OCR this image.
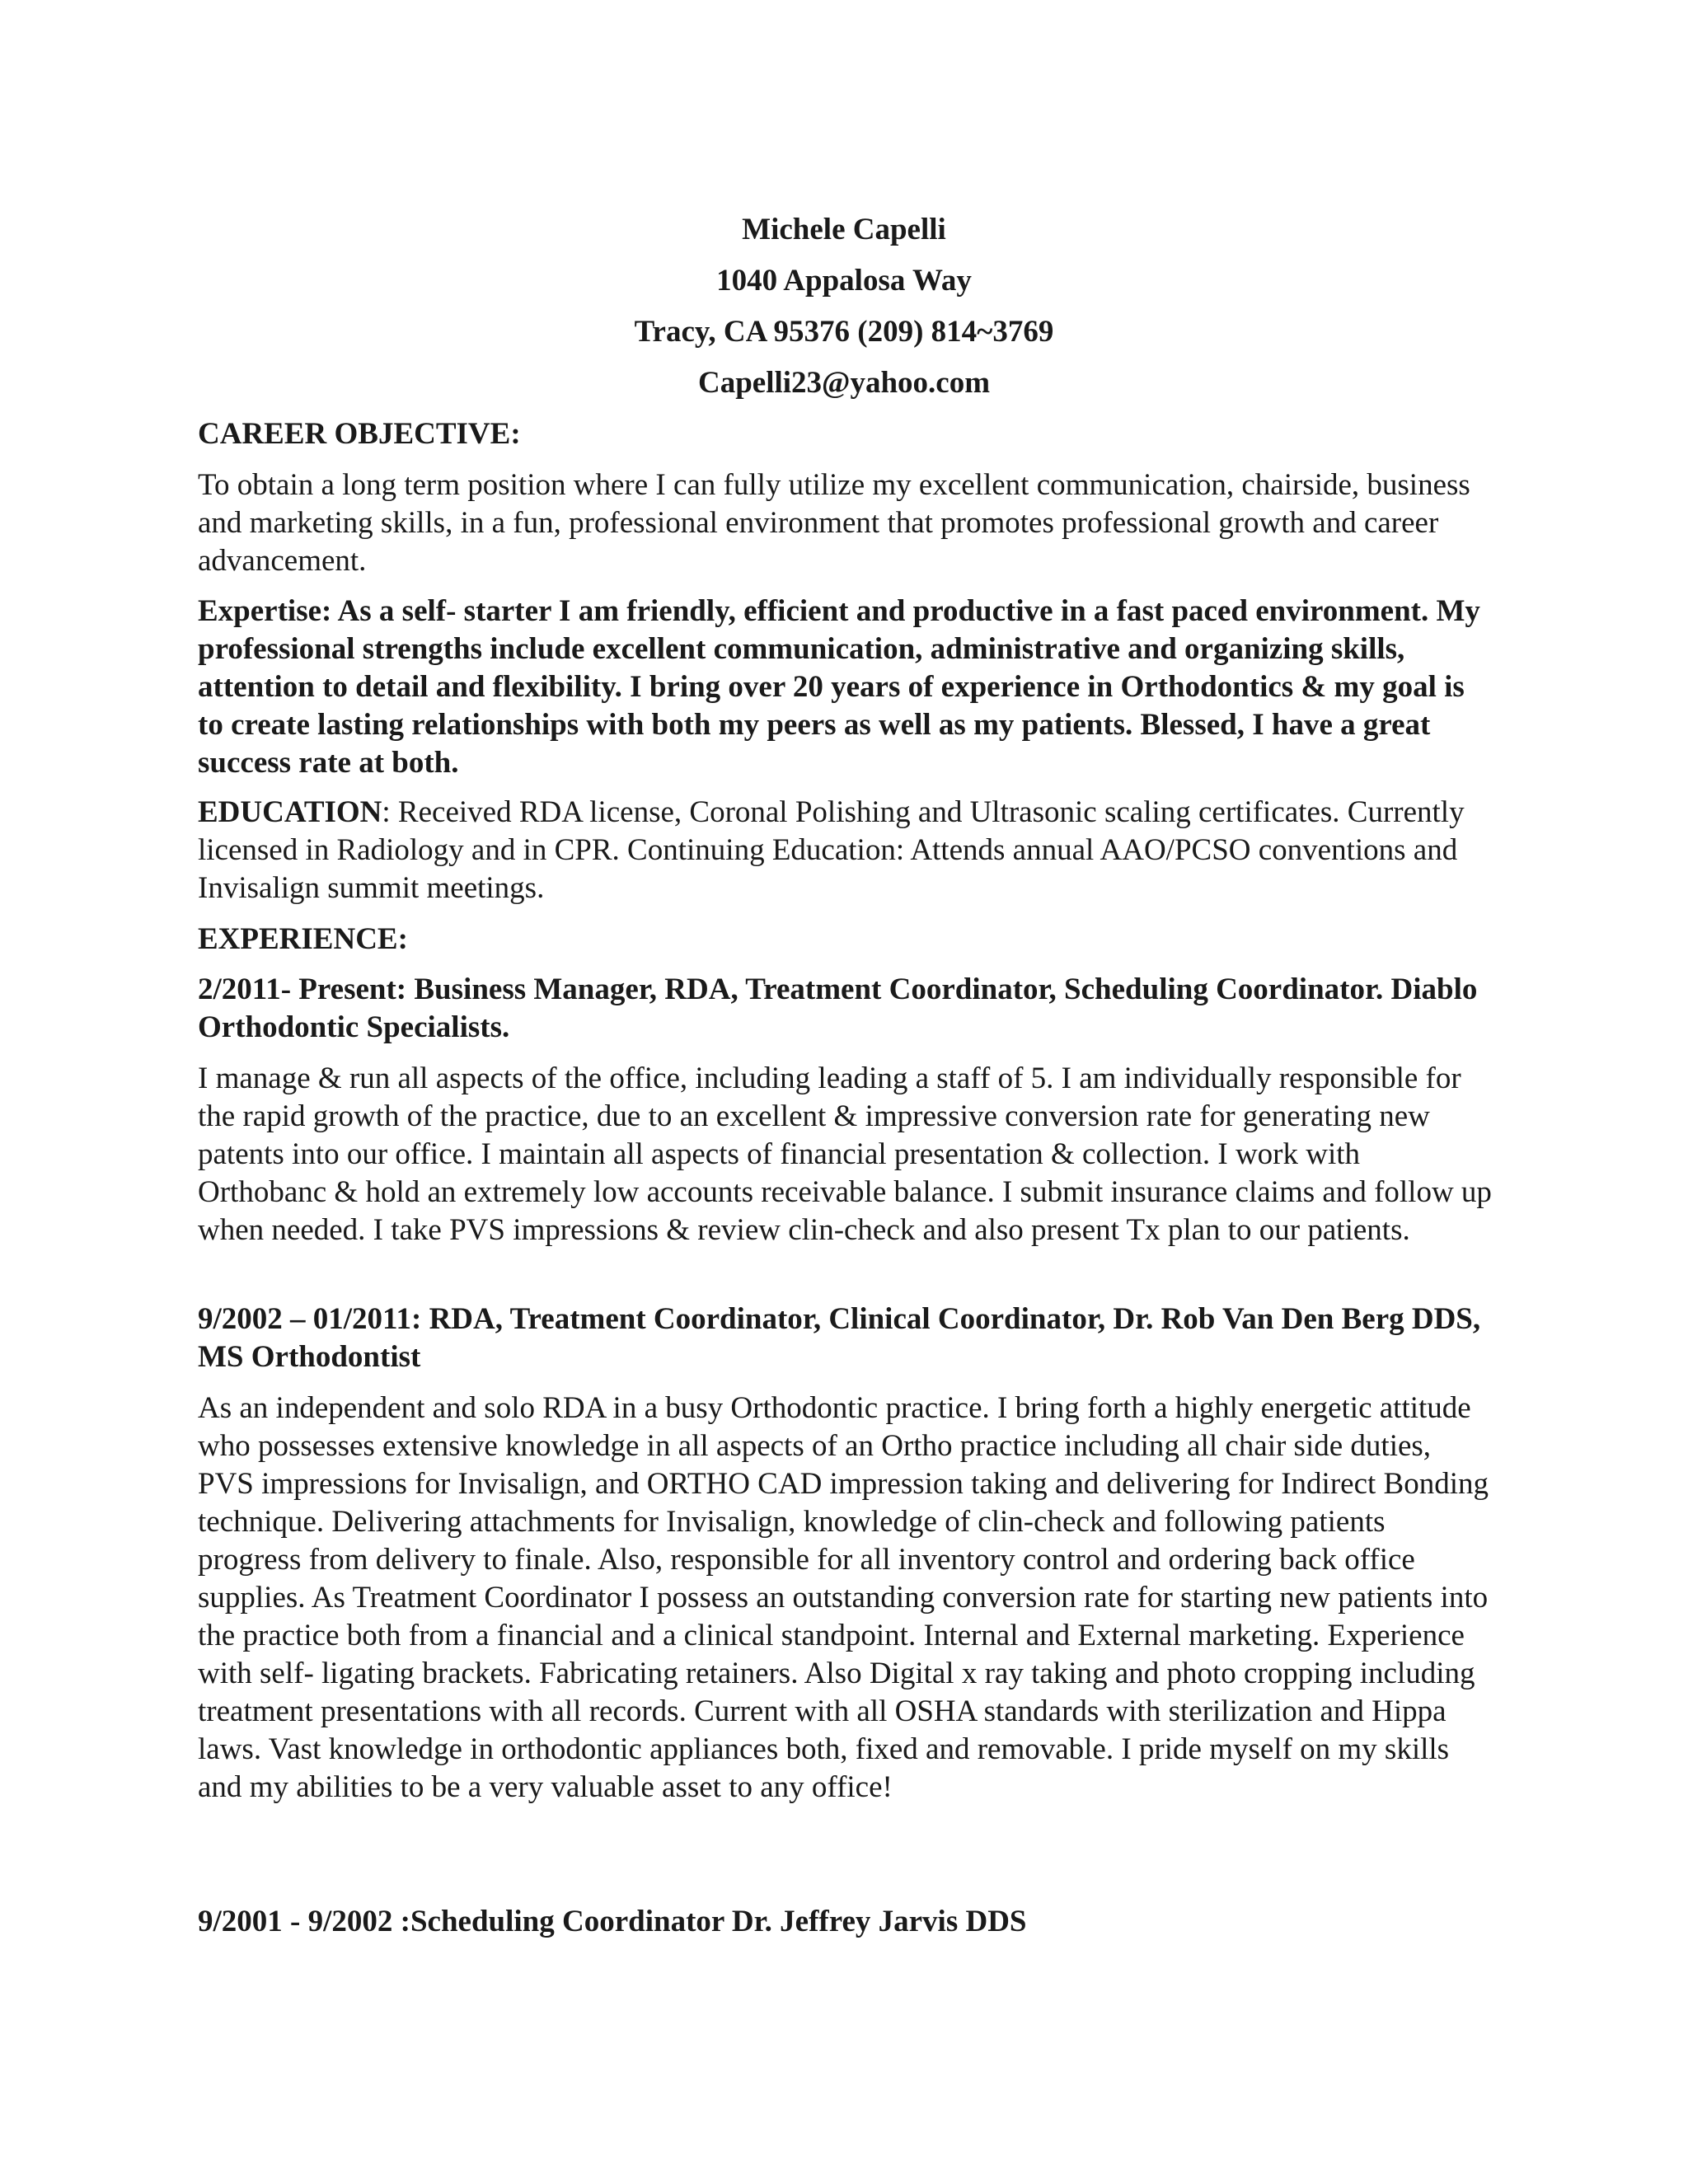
Michele Capelli

1040 Appalosa Way

Tracy, CA 95376 (209) 814~3769

Capelli23@yahoo.com

CAREER OBJECTIVE:

To obtain a long term position where I can fully utilize my excellent communication, chairside, business and marketing skills, in a fun, professional environment that promotes professional growth and career advancement.

Expertise: As a self- starter I am friendly, efficient and productive in a fast paced environment. My professional strengths include excellent communication, administrative and organizing skills, attention to detail and flexibility. I bring over 20 years of experience in Orthodontics & my goal is to create lasting relationships with both my peers as well as my patients. Blessed, I have a great success rate at both.

EDUCATION: Received RDA license, Coronal Polishing and Ultrasonic scaling certificates. Currently licensed in Radiology and in CPR. Continuing Education: Attends annual AAO/PCSO conventions and Invisalign summit meetings.

EXPERIENCE:

2/2011- Present: Business Manager, RDA, Treatment Coordinator, Scheduling Coordinator. Diablo Orthodontic Specialists.

I manage & run all aspects of the office, including leading a staff of 5. I am individually responsible for the rapid growth of the practice, due to an excellent & impressive conversion rate for generating new patents into our office. I maintain all aspects of financial presentation & collection. I work with Orthobanc & hold an extremely low accounts receivable balance. I submit insurance claims and follow up when needed. I take PVS impressions & review clin-check and also present Tx plan to our patients.

9/2002 – 01/2011: RDA, Treatment Coordinator, Clinical Coordinator, Dr. Rob Van Den Berg DDS, MS Orthodontist

As an independent and solo RDA in a busy Orthodontic practice. I bring forth a highly energetic attitude who possesses extensive knowledge in all aspects of an Ortho practice including all chair side duties, PVS impressions for Invisalign, and ORTHO CAD impression taking and delivering for Indirect Bonding technique. Delivering attachments for Invisalign, knowledge of clin-check and following patients progress from delivery to finale. Also, responsible for all inventory control and ordering back office supplies. As Treatment Coordinator I possess an outstanding conversion rate for starting new patients into the practice both from a financial and a clinical standpoint. Internal and External marketing. Experience with self- ligating brackets. Fabricating retainers. Also Digital x ray taking and photo cropping including treatment presentations with all records. Current with all OSHA standards with sterilization and Hippa laws. Vast knowledge in orthodontic appliances both, fixed and removable. I pride myself on my skills and my abilities to be a very valuable asset to any office!

9/2001 - 9/2002 :Scheduling Coordinator Dr. Jeffrey Jarvis DDS
